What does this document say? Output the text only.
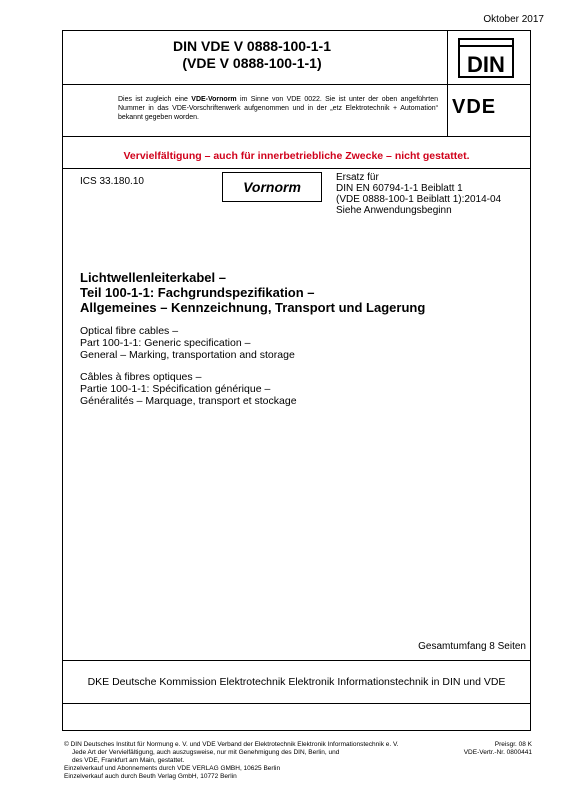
Oktober 2017
DIN VDE V 0888-100-1-1
(VDE V 0888-100-1-1)	DIN
VDE
Dies ist zugleich eine VDE-Vornorm im Sinne von VDE 0022. Sie ist unter der oben angeführten Nummer in das VDE-Vorschriftenwerk aufgenommen und in der „etz Elektrotechnik + Automation“ bekannt gegeben worden.
Vervielfältigung – auch für innerbetriebliche Zwecke – nicht gestattet.
ICS 33.180.10	Vornorm
Ersatz für
DIN EN 60794-1-1 Beiblatt 1
(VDE 0888-100-1 Beiblatt 1):2014-04
Siehe Anwendungsbeginn
Lichtwellenleiterkabel –
Teil 100-1-1: Fachgrundspezifikation –
Allgemeines – Kennzeichnung, Transport und Lagerung
Optical fibre cables –
Part 100-1-1: Generic specification –
General – Marking, transportation and storage
Câbles à fibres optiques –
Partie 100-1-1: Spécification générique –
Généralités – Marquage, transport et stockage
Gesamtumfang 8 Seiten
DKE Deutsche Kommission Elektrotechnik Elektronik Informationstechnik in DIN und VDE
© DIN Deutsches Institut für Normung e. V. und VDE Verband der Elektrotechnik Elektronik Informationstechnik e. V.
Jede Art der Vervielfältigung, auch auszugsweise, nur mit Genehmigung des DIN, Berlin, und
des VDE, Frankfurt am Main, gestattet.
Einzelverkauf und Abonnements durch VDE VERLAG GMBH, 10625 Berlin
Einzelverkauf auch durch Beuth Verlag GmbH, 10772 Berlin
Preisgr. 08 K
VDE-Vertr.-Nr. 0800441
